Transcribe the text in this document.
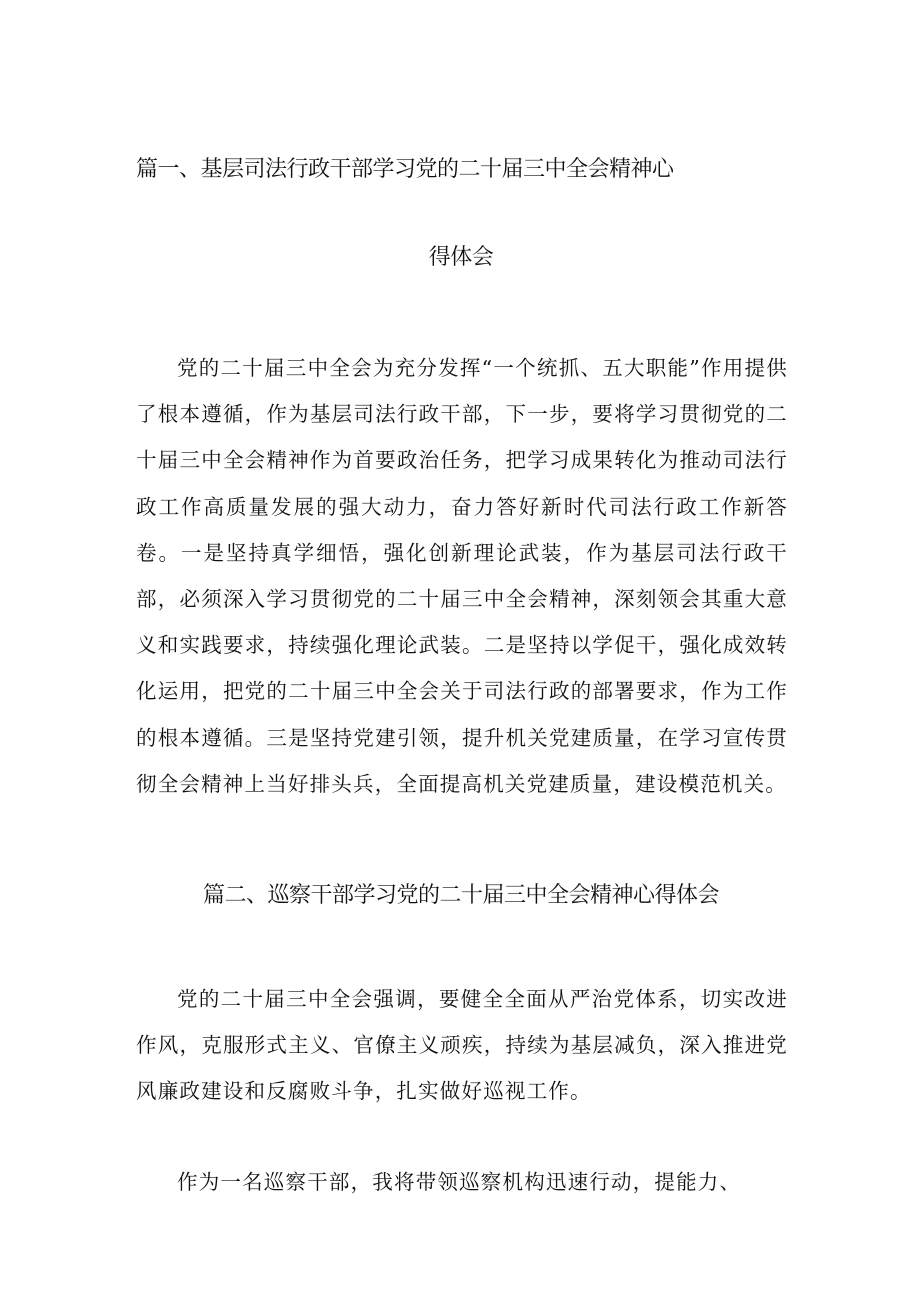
篇一、基层司法行政干部学习党的二十届三中全会精神心
得体会

党的二十届三中全会为充分发挥“一个统抓、五大职能”作用提供了根本遵循，作为基层司法行政干部，下一步，要将学习贯彻党的二十届三中全会精神作为首要政治任务，把学习成果转化为推动司法行政工作高质量发展的强大动力，奋力答好新时代司法行政工作新答卷。一是坚持真学细悟，强化创新理论武装，作为基层司法行政干部，必须深入学习贯彻党的二十届三中全会精神，深刻领会其重大意义和实践要求，持续强化理论武装。二是坚持以学促干，强化成效转化运用，把党的二十届三中全会关于司法行政的部署要求，作为工作的根本遵循。三是坚持党建引领，提升机关党建质量，在学习宣传贯彻全会精神上当好排头兵，全面提高机关党建质量，建设模范机关。

篇二、巡察干部学习党的二十届三中全会精神心得体会

党的二十届三中全会强调，要健全全面从严治党体系，切实改进作风，克服形式主义、官僚主义顽疾，持续为基层减负，深入推进党风廉政建设和反腐败斗争，扎实做好巡视工作。

作为一名巡察干部，我将带领巡察机构迅速行动，提能力、
